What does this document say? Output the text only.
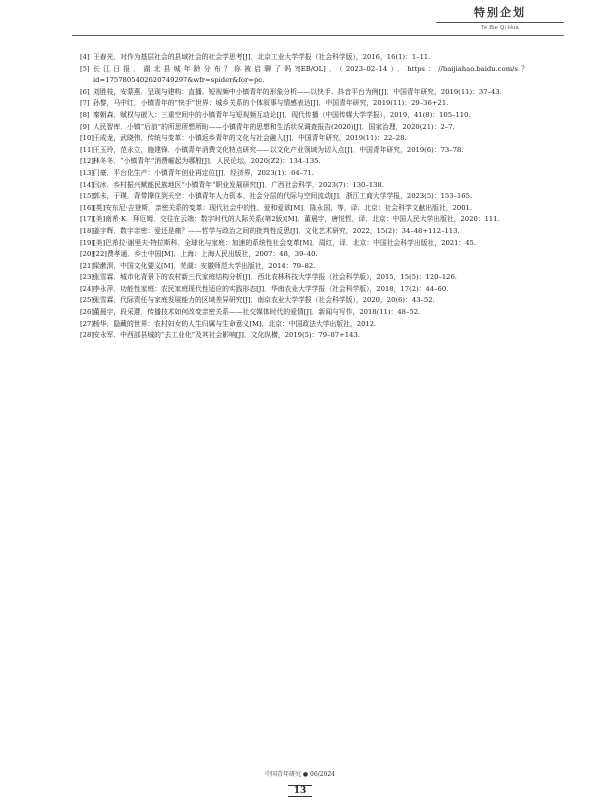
特别企划
Te Bie Qi Hua
[4] 王春光．对作为基层社会的县域社会的社会学思考[J]．北京工业大学学报（社会科学版），2016，16(1)：1–11.
[5] 长江日报．湖北县城年龄分布？你被启聊了吗?[EB/OL]．（2023–02–14）．https：//baijiahao.baidu.com/s？id=1757805402620749297&wfr=spider&for=pc.
[6] 刘胜枝，安蒙燕．呈现与建构：直播、短视频中小镇青年的形象分析——以快手、抖音平台为例[J]．中国青年研究，2019(11)：37–43.
[7] 孙黎，马中红．小镇青年的“快手”世界：城乡关系的个体叙事与情感表达[J]．中国青年研究，2019(11)：29–36+21.
[8] 秦朝森．赋权与嵌入：三重空间中的小镇青年与短视频互动论[J]．现代传播（中国传媒大学学报），2019，41(8)：105–110.
[9] 人民智库．小镇“后浪”的所思所想所盼——小镇青年的思想和生活状况调查报告(2020)[J]．国家治理，2020(21)：2–7.
[10] 王成龙，武晓伟．传统与变革：小镇返乡青年的文化与社会融入[J]．中国青年研究，2019(11)：22–28.
[11] 王玉玲，范永立，施建锋．小镇青年消费文化特点研究——以文化产业领域为切入点[J]．中国青年研究，2019(6)：73–78.
[12] 林冬冬．“小镇青年”消费崛起为哪般[J]．人民论坛，2020(Z2)：134–135.
[13] 门豪．平台化生产：小镇青年创业再定位[J]．经济界，2023(1)：64–71.
[14] 闫冰．乡村振兴赋能民族地区“小镇青年”职业发展研究[J]．广西社会科学，2023(7)：130–138.
[15] 郭未，于瑛．背带撑住到天空：小镇青年人力资本、社会分层的代际与空间流动[J]．浙江工商大学学报，2023(5)：153–165.
[16] [英]安东尼·吉登斯．亲密关系的变革：现代社会中的性、爱和爱欲[M]．陈永国，等，译．北京：社会科学文献出版社，2001.
[17] [美]南希·K．拜厄姆．交往在云端：数字时代的人际关系(第2版)[M]．董晨宇，唐悦哲，译．北京：中国人民大学出版社，2020：111.
[18] 姜宇辉．数字亲密：爱还是痛？——哲学与政治之间的批判性反思[J]．文化艺术研究，2022，15(2)：34–48+112–113.
[19] [美]巴希拉·谢里夫·特拉斯科．全球化与家庭：加速的系统性社会变革[M]．周红，译．北京：中国社会科学出版社，2021：45.
[20] [22]费孝通．乡土中国[M]．上海：上海人民出版社，2007：48，39–40.
[21] 梁漱溟．中国文化要义[M]．芜湖：安徽师范大学出版社，2014：79–82.
[23] 张雪霖．城市化背景下的农村新三代家庭结构分析[J]．西北农林科技大学学报（社会科学版），2015，15(5)：120–126.
[24] 李永萍．功能性家庭：农民家庭现代性适应的实践形态[J]．华南农业大学学报（社会科学版），2018，17(2)：44–60.
[25] 张雪霖．代际责任与家庭发展能力的区域差异研究[J]．南京农业大学学报（社会科学版），2020，20(6)：43–52.
[26] 董晨宇，段采薏．传播技术如何改变亲密关系——社交媒体时代的爱情[J]．新闻与写作，2018(11)：48–52.
[27] 杨华．隐藏的世界：农村妇女的人生归属与生命意义[M]．北京：中国政法大学出版社，2012.
[28] 安永军．中西部县城的“去工业化”及其社会影响[J]．文化纵横，2019(5)：79–87+143.
中国青年研究 ● 06/2024
13
